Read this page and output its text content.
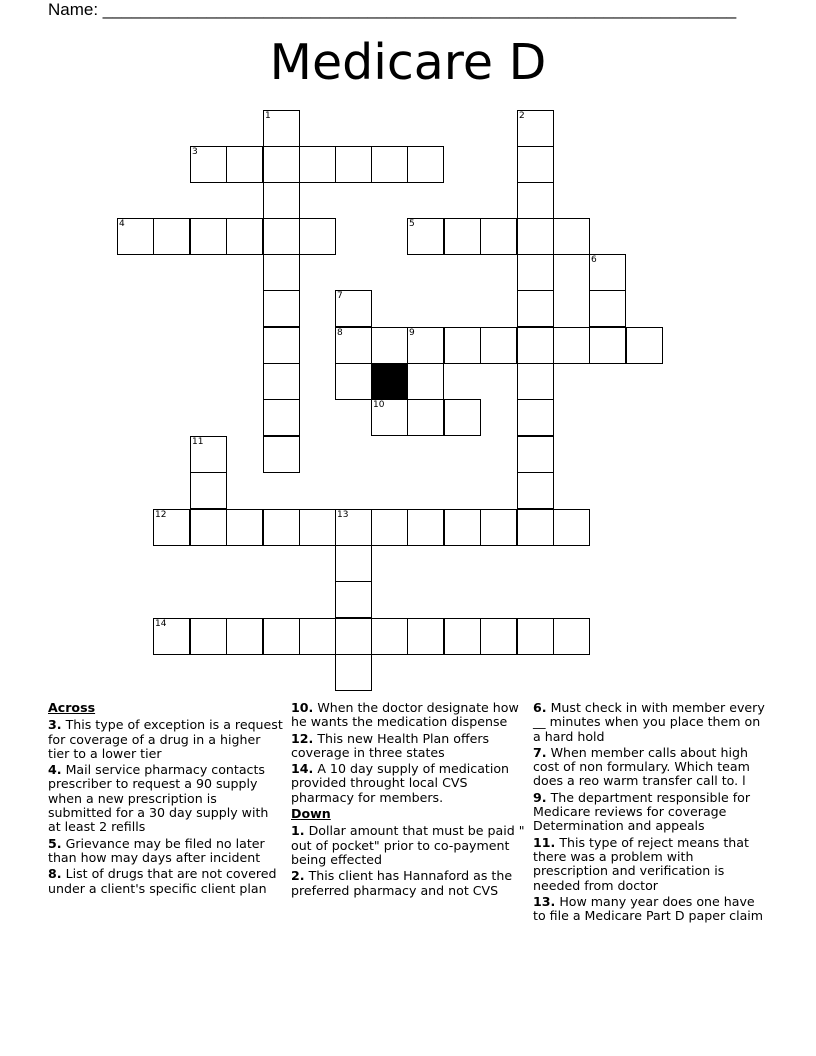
Name: ___________________________________________________________________
Medicare D
1	2
3
4	5
6
7
8	9
10
11
12	13
14
Across
3. This type of exception is a request for coverage of a drug in a higher tier to a lower tier
4. Mail service pharmacy contacts prescriber to request a 90 supply when a new prescription is submitted for a 30 day supply with at least 2 refills
5. Grievance may be filed no later than how may days after incident
8. List of drugs that are not covered under a client's specific client plan
10. When the doctor designate how he wants the medication dispense
12. This new Health Plan offers coverage in three states
14. A 10 day supply of medication provided throught local CVS pharmacy for members.
Down
1. Dollar amount that must be paid " out of pocket" prior to co-payment being effected
2. This client has Hannaford as the preferred pharmacy and not CVS
6. Must check in with member every __ minutes when you place them on a hard hold
7. When member calls about high cost of non formulary. Which team does a reo warm transfer call to. l
9. The department responsible for Medicare reviews for coverage Determination and appeals
11. This type of reject means that there was a problem with prescription and verification is needed from doctor
13. How many year does one have to file a Medicare Part D paper claim
